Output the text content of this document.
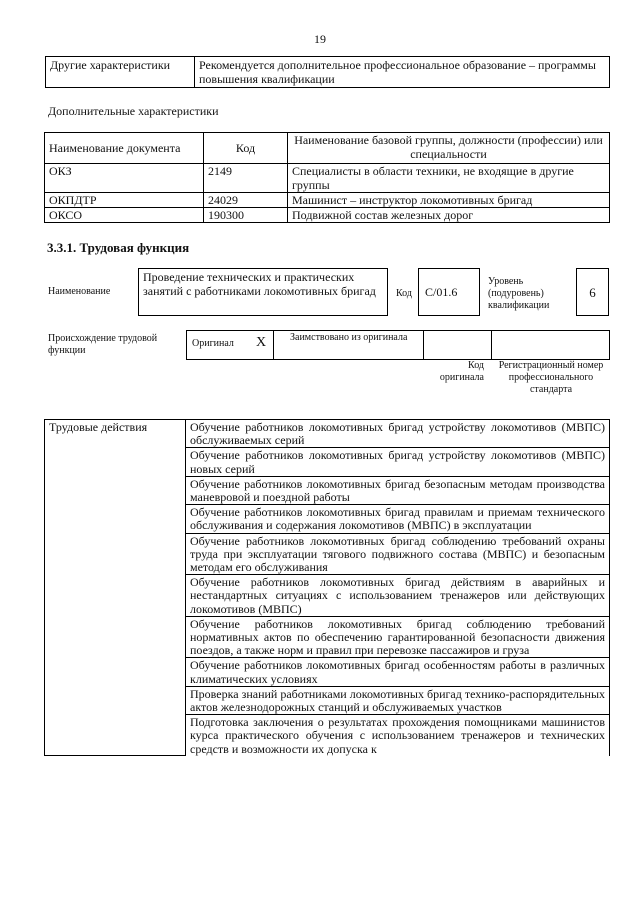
19
Другие характеристики	Рекомендуется дополнительное профессиональное образование – программы повышения квалификации
Дополнительные характеристики
Наименование документа	Код	Наименование базовой группы, должности (профессии) или специальности
ОКЗ	2149	Специалисты в области техники, не входящие в другие группы
ОКПДТР	24029	Машинист – инструктор локомотивных бригад
ОКСО	190300	Подвижной состав железных дорог
3.3.1. Трудовая функция
Наименование
Проведение технических и практических занятий с работниками локомотивных бригад	Код	C/01.6
Уровень (подуровень) квалификации
6
Происхождение трудовой функции
Оригинал X Заимствовано из оригинала
Код оригинала
Регистрационный номер профессионального стандарта
Трудовые действия	Обучение работников локомотивных бригад устройству локомотивов (МВПС) обслуживаемых серий
Обучение работников локомотивных бригад устройству локомотивов (МВПС) новых серий
Обучение работников локомотивных бригад безопасным методам производства маневровой и поездной работы
Обучение работников локомотивных бригад правилам и приемам технического обслуживания и содержания локомотивов (МВПС) в эксплуатации
Обучение работников локомотивных бригад соблюдению требований охраны труда при эксплуатации тягового подвижного состава (МВПС) и безопасным методам его обслуживания
Обучение работников локомотивных бригад действиям в аварийных и нестандартных ситуациях с использованием тренажеров или действующих локомотивов (МВПС)
Обучение работников локомотивных бригад соблюдению требований нормативных актов по обеспечению гарантированной безопасности движения поездов, а также норм и правил при перевозке пассажиров и груза
Обучение работников локомотивных бригад особенностям работы в различных климатических условиях
Проверка знаний работниками локомотивных бригад технико-распорядительных актов железнодорожных станций и обслуживаемых участков
Подготовка заключения о результатах прохождения помощниками машинистов курса практического обучения с использованием тренажеров и технических средств и возможности их допуска к
